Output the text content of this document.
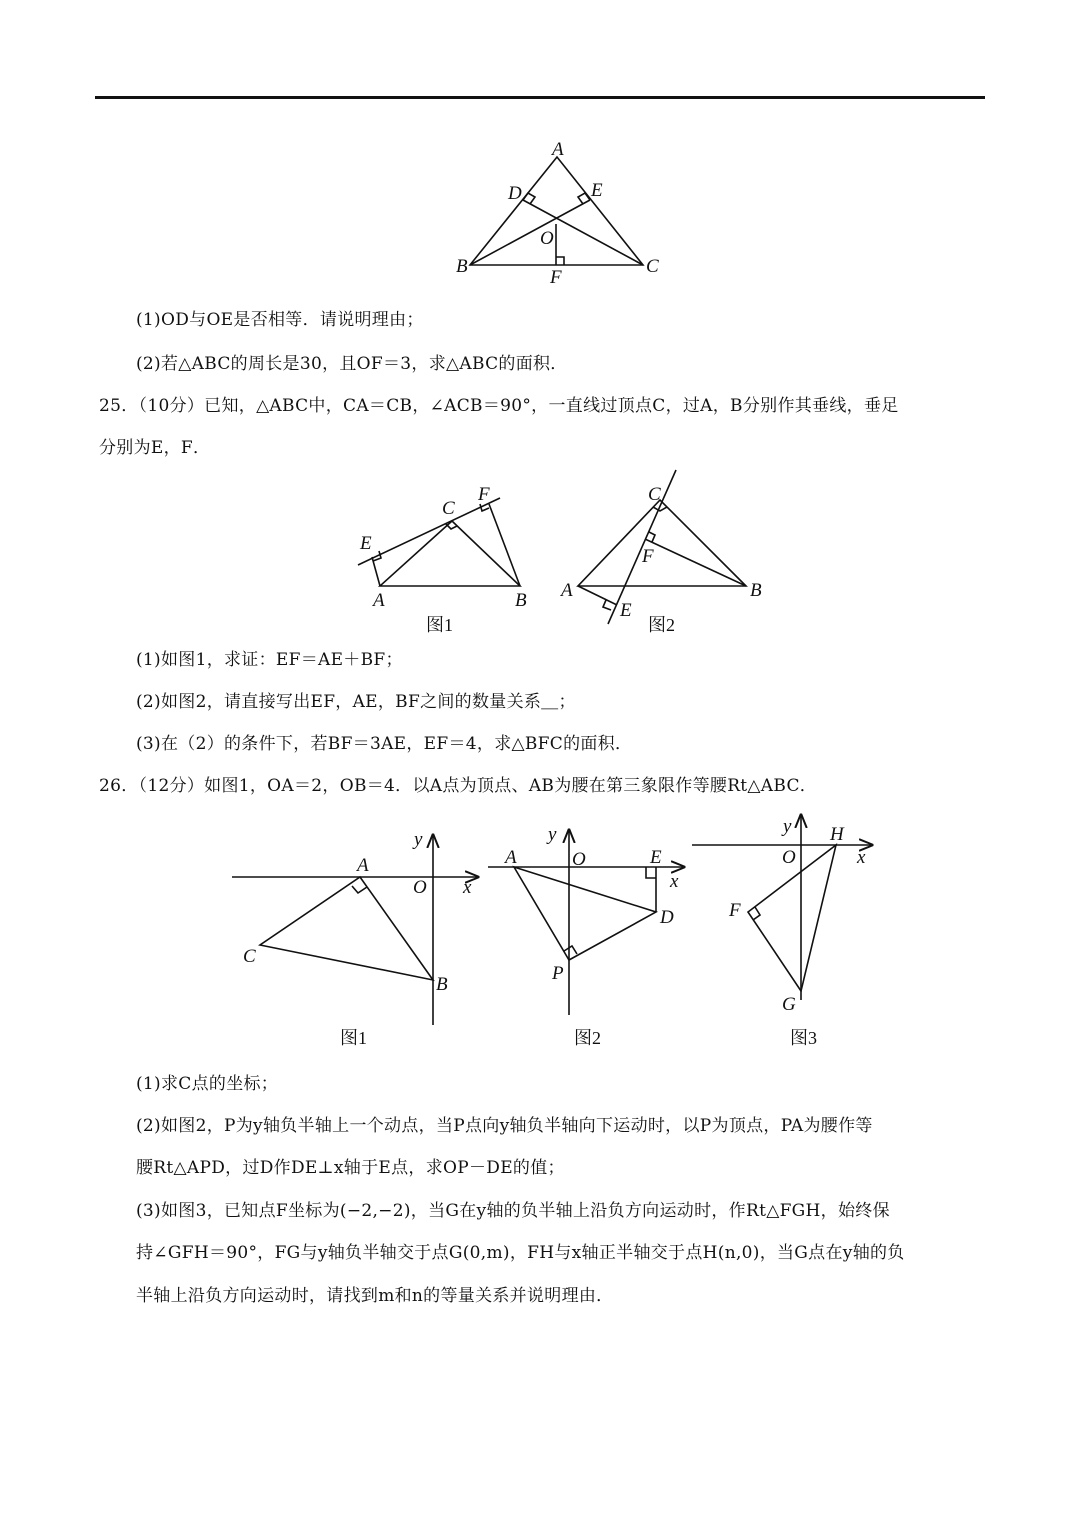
A
D	E
O
B	C
F
(1)OD与OE是否相等．请说明理由；
(2)若△ABC的周长是30，且OF＝3，求△ABC的面积．
25．（10分）已知，△ABC中，CA＝CB，∠ACB＝90°，一直线过顶点C，过A，B分别作其垂线，垂足
分别为E，F．
E
C
F
A	B
图1
C
F
A	B
E
图2
(1)如图1，求证：EF＝AE＋BF；
(2)如图2，请直接写出EF，AE，BF之间的数量关系＿；
(3)在（2）的条件下，若BF＝3AE，EF＝4，求△BFC的面积．
26．（12分）如图1，OA＝2，OB＝4．以A点为顶点、AB为腰在第三象限作等腰Rt△ABC．
y
A
O x
C
B
图1
y
A	O	E
x
D
P
图2
y H
O	x
F
G
图3
(1)求C点的坐标；
(2)如图2，P为y轴负半轴上一个动点，当P点向y轴负半轴向下运动时，以P为顶点，PA为腰作等
腰Rt△APD，过D作DE⊥x轴于E点，求OP－DE的值；
(3)如图3，已知点F坐标为(−2,−2)，当G在y轴的负半轴上沿负方向运动时，作Rt△FGH，始终保
持∠GFH＝90°，FG与y轴负半轴交于点G(0,m)，FH与x轴正半轴交于点H(n,0)，当G点在y轴的负
半轴上沿负方向运动时，请找到m和n的等量关系并说明理由．
